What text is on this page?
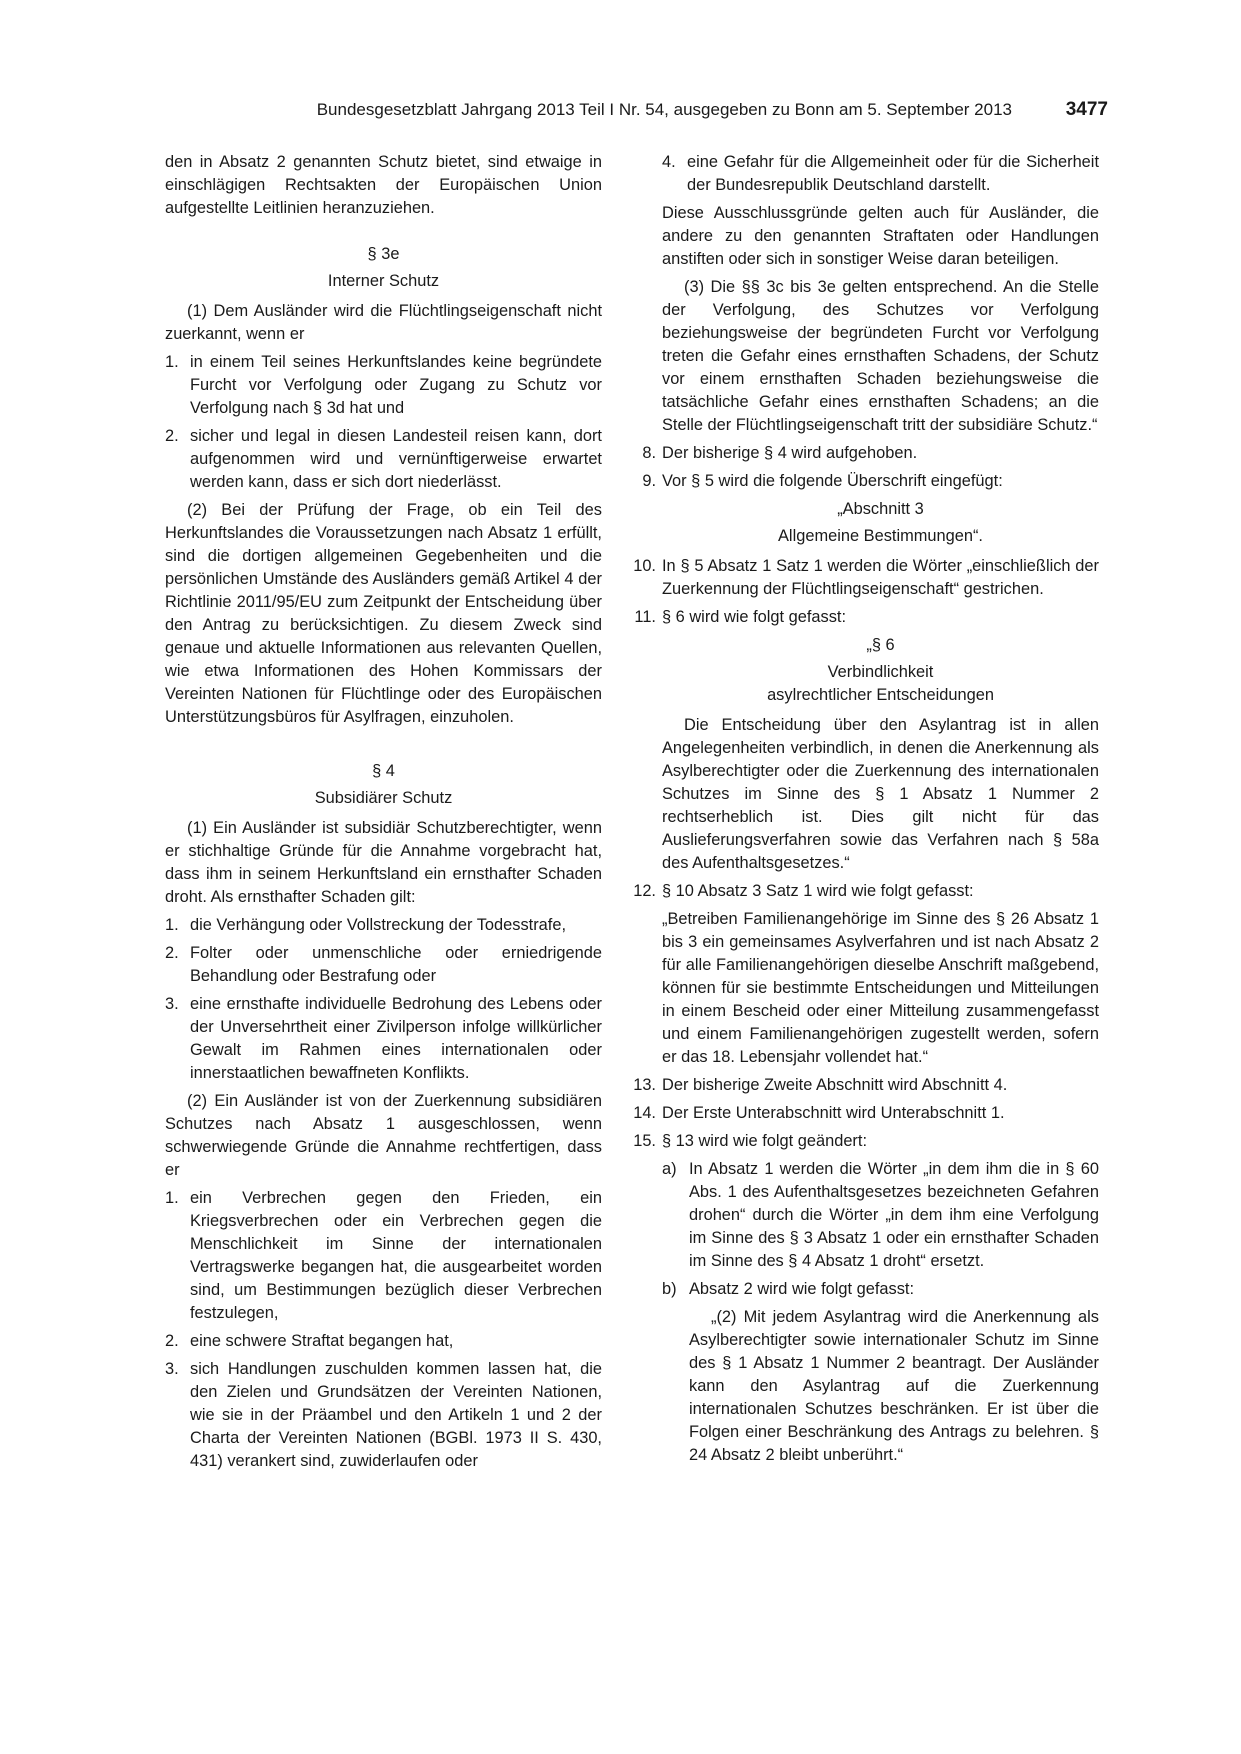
Bundesgesetzblatt Jahrgang 2013 Teil I Nr. 54, ausgegeben zu Bonn am 5. September 2013	3477

den in Absatz 2 genannten Schutz bietet, sind etwaige in einschlägigen Rechtsakten der Europäischen Union aufgestellte Leitlinien heranzuziehen.

§ 3e

Interner Schutz

(1) Dem Ausländer wird die Flüchtlingseigenschaft nicht zuerkannt, wenn er

1. in einem Teil seines Herkunftslandes keine begründete Furcht vor Verfolgung oder Zugang zu Schutz vor Verfolgung nach § 3d hat und
2. sicher und legal in diesen Landesteil reisen kann, dort aufgenommen wird und vernünftigerweise erwartet werden kann, dass er sich dort niederlässt.

(2) Bei der Prüfung der Frage, ob ein Teil des Herkunftslandes die Voraussetzungen nach Absatz 1 erfüllt, sind die dortigen allgemeinen Gegebenheiten und die persönlichen Umstände des Ausländers gemäß Artikel 4 der Richtlinie 2011/95/EU zum Zeitpunkt der Entscheidung über den Antrag zu berücksichtigen. Zu diesem Zweck sind genaue und aktuelle Informationen aus relevanten Quellen, wie etwa Informationen des Hohen Kommissars der Vereinten Nationen für Flüchtlinge oder des Europäischen Unterstützungsbüros für Asylfragen, einzuholen.

§ 4

Subsidiärer Schutz

(1) Ein Ausländer ist subsidiär Schutzberechtigter, wenn er stichhaltige Gründe für die Annahme vorgebracht hat, dass ihm in seinem Herkunftsland ein ernsthafter Schaden droht. Als ernsthafter Schaden gilt:

1. die Verhängung oder Vollstreckung der Todesstrafe,
2. Folter oder unmenschliche oder erniedrigende Behandlung oder Bestrafung oder
3. eine ernsthafte individuelle Bedrohung des Lebens oder der Unversehrtheit einer Zivilperson infolge willkürlicher Gewalt im Rahmen eines internationalen oder innerstaatlichen bewaffneten Konflikts.

(2) Ein Ausländer ist von der Zuerkennung subsidiären Schutzes nach Absatz 1 ausgeschlossen, wenn schwerwiegende Gründe die Annahme rechtfertigen, dass er

1. ein Verbrechen gegen den Frieden, ein Kriegsverbrechen oder ein Verbrechen gegen die Menschlichkeit im Sinne der internationalen Vertragswerke begangen hat, die ausgearbeitet worden sind, um Bestimmungen bezüglich dieser Verbrechen festzulegen,
2. eine schwere Straftat begangen hat,
3. sich Handlungen zuschulden kommen lassen hat, die den Zielen und Grundsätzen der Vereinten Nationen, wie sie in der Präambel und den Artikeln 1 und 2 der Charta der Vereinten Nationen (BGBl. 1973 II S. 430, 431) verankert sind, zuwiderlaufen oder
4. eine Gefahr für die Allgemeinheit oder für die Sicherheit der Bundesrepublik Deutschland darstellt.

Diese Ausschlussgründe gelten auch für Ausländer, die andere zu den genannten Straftaten oder Handlungen anstiften oder sich in sonstiger Weise daran beteiligen.

(3) Die §§ 3c bis 3e gelten entsprechend. An die Stelle der Verfolgung, des Schutzes vor Verfolgung beziehungsweise der begründeten Furcht vor Verfolgung treten die Gefahr eines ernsthaften Schadens, der Schutz vor einem ernsthaften Schaden beziehungsweise die tatsächliche Gefahr eines ernsthaften Schadens; an die Stelle der Flüchtlingseigenschaft tritt der subsidiäre Schutz.“

8. Der bisherige § 4 wird aufgehoben.
9. Vor § 5 wird die folgende Überschrift eingefügt:

„Abschnitt 3

Allgemeine Bestimmungen“.

10. In § 5 Absatz 1 Satz 1 werden die Wörter „einschließlich der Zuerkennung der Flüchtlingseigenschaft“ gestrichen.
11. § 6 wird wie folgt gefasst:

„§ 6

Verbindlichkeit

asylrechtlicher Entscheidungen

Die Entscheidung über den Asylantrag ist in allen Angelegenheiten verbindlich, in denen die Anerkennung als Asylberechtigter oder die Zuerkennung des internationalen Schutzes im Sinne des § 1 Absatz 1 Nummer 2 rechtserheblich ist. Dies gilt nicht für das Auslieferungsverfahren sowie das Verfahren nach § 58a des Aufenthaltsgesetzes.“

12. § 10 Absatz 3 Satz 1 wird wie folgt gefasst:

„Betreiben Familienangehörige im Sinne des § 26 Absatz 1 bis 3 ein gemeinsames Asylverfahren und ist nach Absatz 2 für alle Familienangehörigen dieselbe Anschrift maßgebend, können für sie bestimmte Entscheidungen und Mitteilungen in einem Bescheid oder einer Mitteilung zusammengefasst und einem Familienangehörigen zugestellt werden, sofern er das 18. Lebensjahr vollendet hat.“

13. Der bisherige Zweite Abschnitt wird Abschnitt 4.
14. Der Erste Unterabschnitt wird Unterabschnitt 1.
15. § 13 wird wie folgt geändert:
a) In Absatz 1 werden die Wörter „in dem ihm die in § 60 Abs. 1 des Aufenthaltsgesetzes bezeichneten Gefahren drohen“ durch die Wörter „in dem ihm eine Verfolgung im Sinne des § 3 Absatz 1 oder ein ernsthafter Schaden im Sinne des § 4 Absatz 1 droht“ ersetzt.
b) Absatz 2 wird wie folgt gefasst:

„(2) Mit jedem Asylantrag wird die Anerkennung als Asylberechtigter sowie internationaler Schutz im Sinne des § 1 Absatz 1 Nummer 2 beantragt. Der Ausländer kann den Asylantrag auf die Zuerkennung internationalen Schutzes beschränken. Er ist über die Folgen einer Beschränkung des Antrags zu belehren. § 24 Absatz 2 bleibt unberührt.“
